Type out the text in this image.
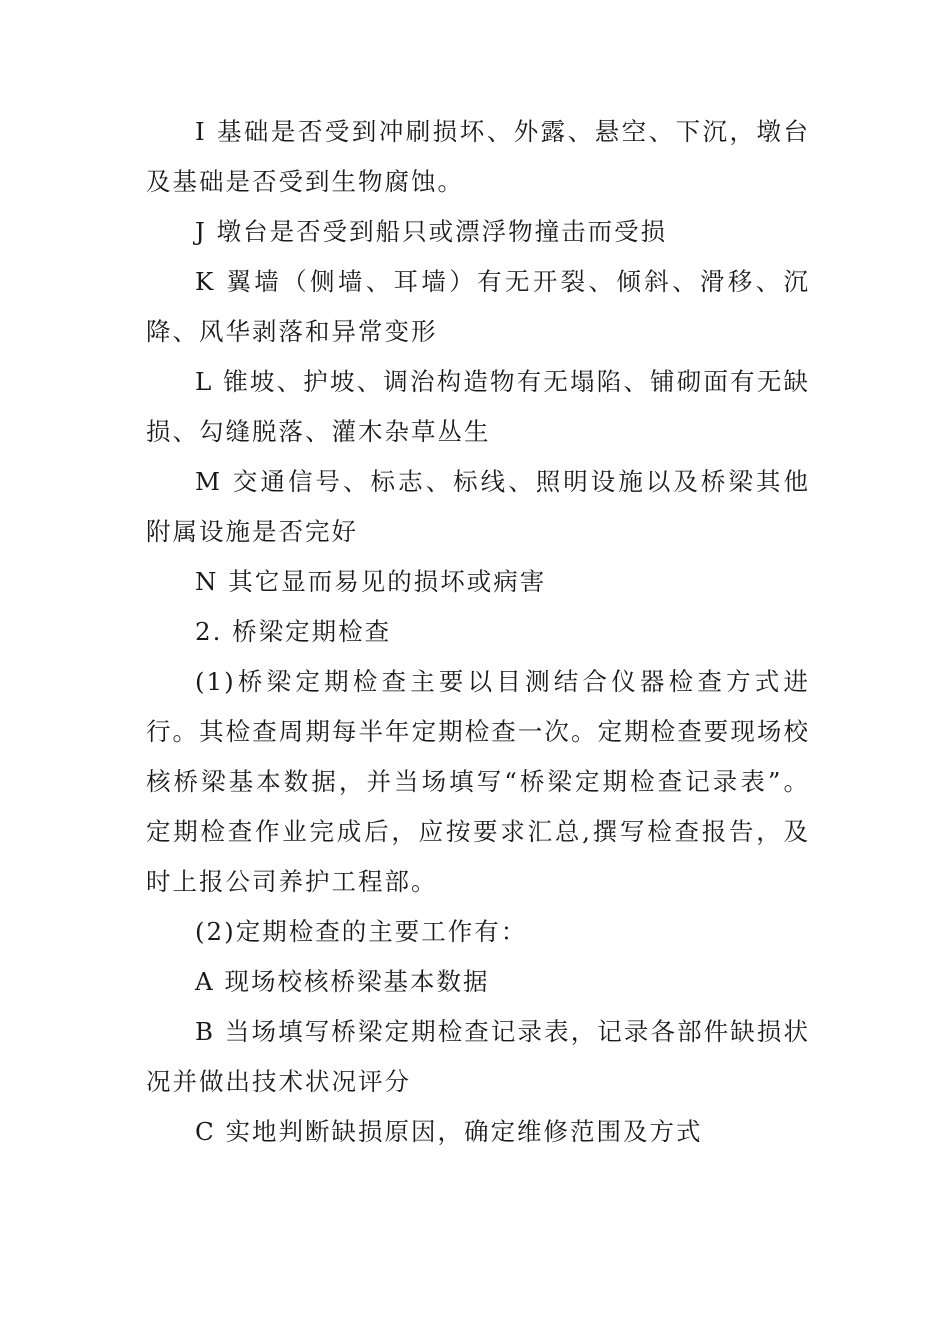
I 基础是否受到冲刷损坏、外露、悬空、下沉，墩台及基础是否受到生物腐蚀。

J 墩台是否受到船只或漂浮物撞击而受损

K 翼墙（侧墙、耳墙）有无开裂、倾斜、滑移、沉降、风华剥落和异常变形

L 锥坡、护坡、调治构造物有无塌陷、铺砌面有无缺损、勾缝脱落、灌木杂草丛生

M 交通信号、标志、标线、照明设施以及桥梁其他附属设施是否完好

N 其它显而易见的损坏或病害

2. 桥梁定期检查

(1)桥梁定期检查主要以目测结合仪器检查方式进行。其检查周期每半年定期检查一次。定期检查要现场校核桥梁基本数据，并当场填写“桥梁定期检查记录表”。定期检查作业完成后，应按要求汇总,撰写检查报告，及时上报公司养护工程部。

(2)定期检查的主要工作有：

A 现场校核桥梁基本数据

B 当场填写桥梁定期检查记录表，记录各部件缺损状况并做出技术状况评分

C 实地判断缺损原因，确定维修范围及方式
